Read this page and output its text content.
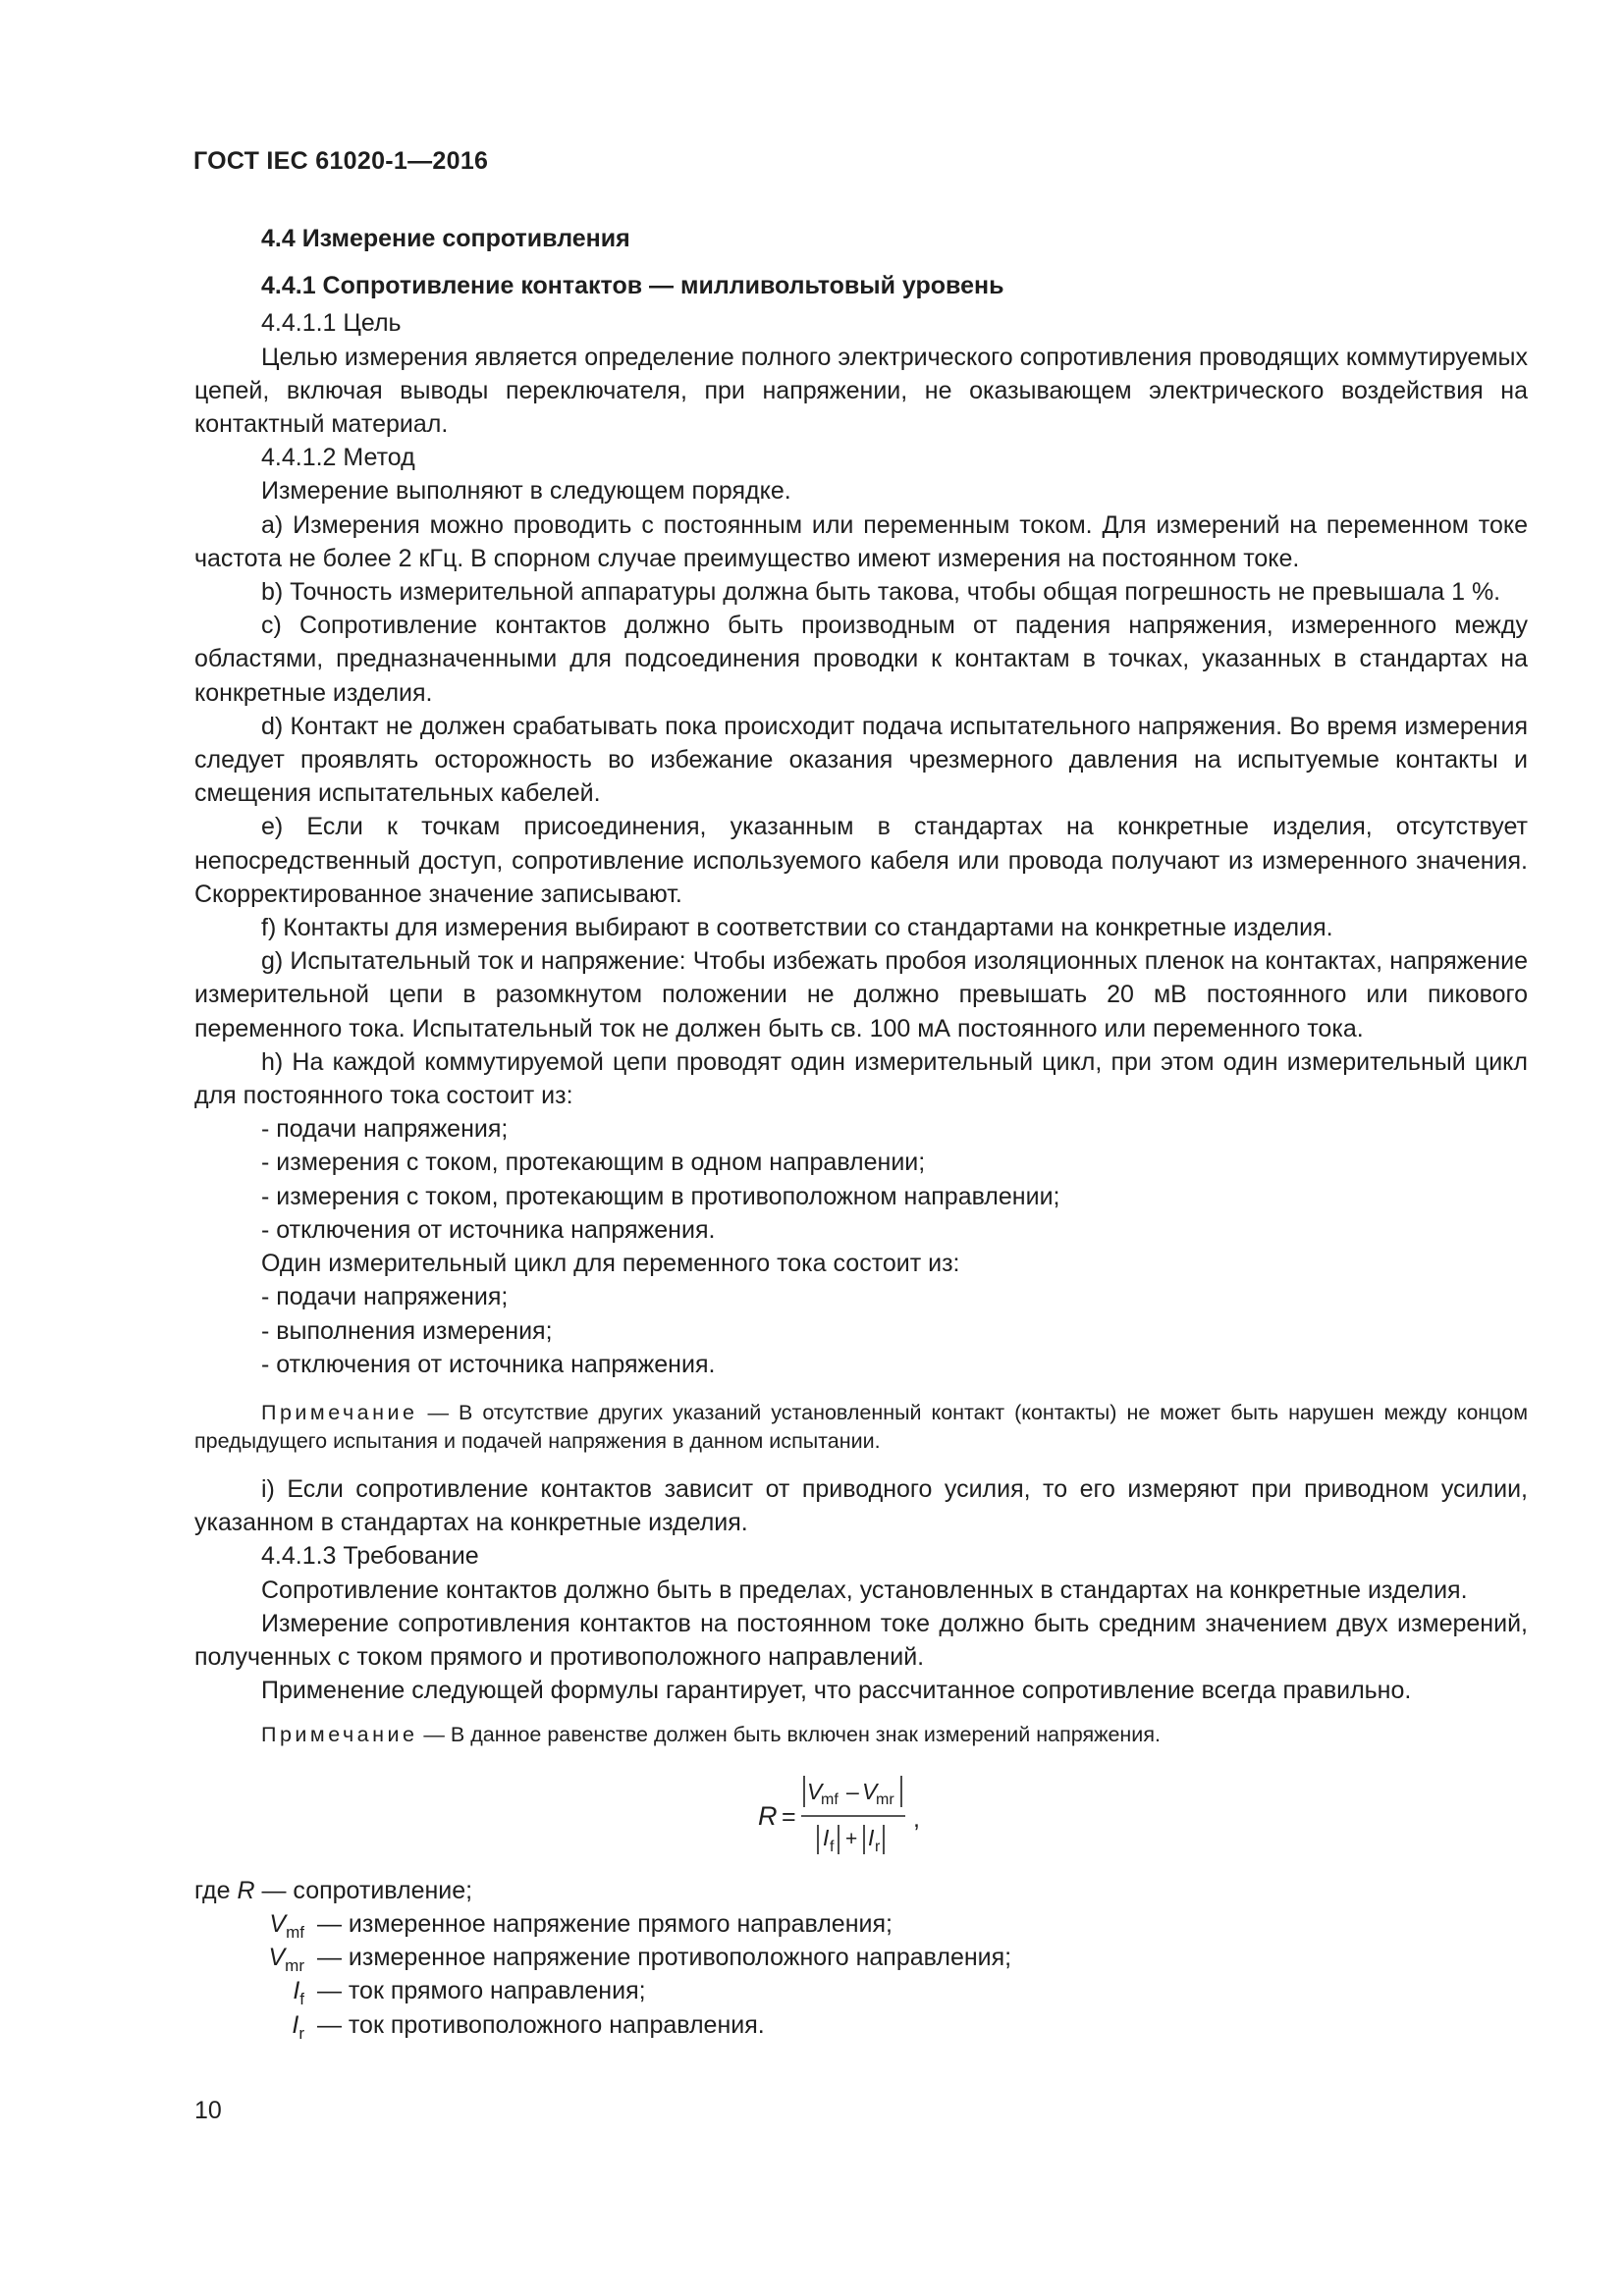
ГОСТ IEC 61020-1—2016
4.4 Измерение сопротивления
4.4.1 Сопротивление контактов — милливольтовый уровень
4.4.1.1 Цель

Целью измерения является определение полного электрического сопротивления проводящих коммутируемых цепей, включая выводы переключателя, при напряжении, не оказывающем электрического воздействия на контактный материал.

4.4.1.2 Метод

Измерение выполняют в следующем порядке.

а) Измерения можно проводить с постоянным или переменным током. Для измерений на переменном токе частота не более 2 кГц. В спорном случае преимущество имеют измерения на постоянном токе.

b) Точность измерительной аппаратуры должна быть такова, чтобы общая погрешность не превышала 1 %.

c) Сопротивление контактов должно быть производным от падения напряжения, измеренного между областями, предназначенными для подсоединения проводки к контактам в точках, указанных в стандартах на конкретные изделия.

d) Контакт не должен срабатывать пока происходит подача испытательного напряжения. Во время измерения следует проявлять осторожность во избежание оказания чрезмерного давления на испытуемые контакты и смещения испытательных кабелей.

e) Если к точкам присоединения, указанным в стандартах на конкретные изделия, отсутствует непосредственный доступ, сопротивление используемого кабеля или провода получают из измеренного значения. Скорректированное значение записывают.

f) Контакты для измерения выбирают в соответствии со стандартами на конкретные изделия.

g) Испытательный ток и напряжение: Чтобы избежать пробоя изоляционных пленок на контактах, напряжение измерительной цепи в разомкнутом положении не должно превышать 20 мВ постоянного или пикового переменного тока. Испытательный ток не должен быть св. 100 мА постоянного или переменного тока.

h) На каждой коммутируемой цепи проводят один измерительный цикл, при этом один измерительный цикл для постоянного тока состоит из:

- подачи напряжения;
- измерения с током, протекающим в одном направлении;
- измерения с током, протекающим в противоположном направлении;
- отключения от источника напряжения.
Один измерительный цикл для переменного тока состоит из:
- подачи напряжения;
- выполнения измерения;
- отключения от источника напряжения.

Примечание — В отсутствие других указаний установленный контакт (контакты) не может быть нарушен между концом предыдущего испытания и подачей напряжения в данном испытании.

i) Если сопротивление контактов зависит от приводного усилия, то его измеряют при приводном усилии, указанном в стандартах на конкретные изделия.

4.4.1.3 Требование

Сопротивление контактов должно быть в пределах, установленных в стандартах на конкретные изделия.

Измерение сопротивления контактов на постоянном токе должно быть средним значением двух измерений, полученных с током прямого и противоположного направлений.

Применение следующей формулы гарантирует, что рассчитанное сопротивление всегда правильно.

Примечание — В данное равенстве должен быть включен знак измерений напряжения.

R =
V
mf – V
mr
I f + I r
,
где R — сопротивление;
$V_{mf}$ — измеренное напряжение прямого направления;
$V_{mr}$ — измеренное напряжение противоположного направления;
$I_f$ — ток прямого направления;
$I_r$ — ток противоположного направления.
10
